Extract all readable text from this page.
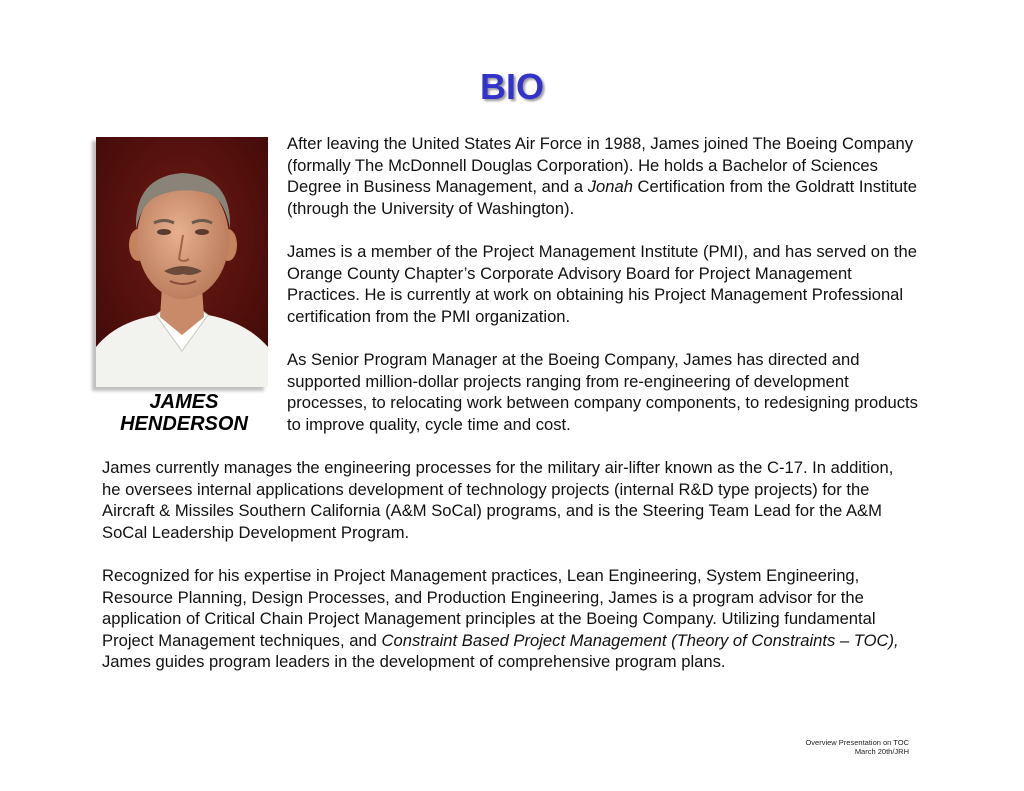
BIO
JAMES
HENDERSON

After leaving the United States Air Force in 1988, James joined The Boeing Company (formally The McDonnell Douglas Corporation). He holds a Bachelor of Sciences Degree in Business Management, and a Jonah Certification from the Goldratt Institute (through the University of Washington).

James is a member of the Project Management Institute (PMI), and has served on the Orange County Chapter’s Corporate Advisory Board for Project Management Practices. He is currently at work on obtaining his Project Management Professional certification from the PMI organization.

As Senior Program Manager at the Boeing Company, James has directed and supported million-dollar projects ranging from re-engineering of development processes, to relocating work between company components, to redesigning products to improve quality, cycle time and cost.

James currently manages the engineering processes for the military air-lifter known as the C-17. In addition, he oversees internal applications development of technology projects (internal R&D type projects) for the Aircraft & Missiles Southern California (A&M SoCal) programs, and is the Steering Team Lead for the A&M SoCal Leadership Development Program.

Recognized for his expertise in Project Management practices, Lean Engineering, System Engineering, Resource Planning, Design Processes, and Production Engineering, James is a program advisor for the application of Critical Chain Project Management principles at the Boeing Company. Utilizing fundamental Project Management techniques, and Constraint Based Project Management (Theory of Constraints – TOC), James guides program leaders in the development of comprehensive program plans.

Overview Presentation on TOC
March 20th/JRH
